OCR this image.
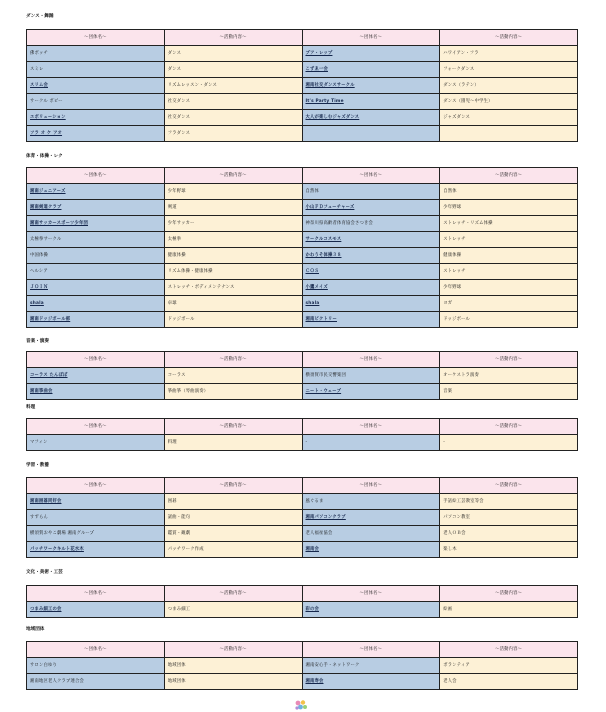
ダンス・舞踊
～団体名～	～活動内容～	～団体名～	～活動内容～
佛ボッチ	ダンス	ブア・レップ	ハワイアン・フラ
スミレ	ダンス	こずゑ一会	フォークダンス
スリム会	リズムレッスン・ダンス	湘南社交ダンスサークル	ダンス（ラテン）
サークル ポピー	社交ダンス	It's Party Time	ダンス（園児～中学生）
エボリューション	社交ダンス	大人が楽しむジャズダンス	ジャズダンス
フラ オ ケ アオ	フラダンス		
体育・体操・レク
～団体名～	～活動内容～	～団体名～	～活動内容～
湘南ジュニアーズ	少年野球	自然体	自然体
湘南剣道クラブ	剣道	小山ＦＤフューチャーズ	少年野球
湘南サッカースポーツ少年団	少年サッカー	神奈川県高齢者体育協会さつき会	ストレッチ・リズム体操
太極拳サークル	太極拳	サークルコスモス	ストレッチ
中国体操	健康体操	かわうそ体操３８	健康体操
ヘルシア	リズム体操・健康体操	ＣＯＳ	ストレッチ
ＪＯＩＮ	ストレッチ・ボディメンテナンス	小鷹メイズ	少年野球
shala	卓球	shala	ヨガ
湘南ドッジボール部	ドッジボール	湘南ビクトリー	ドッジボール
音楽・演奏
～団体名～	～活動内容～	～団体名～	～活動内容～
コーラス たんぽぽ	コーラス	横須賀市民交響楽団	オーケストラ演奏
湘南箏曲会	箏曲箏（琴曲演奏）	ニート・ウェーブ	音楽
料理
～団体名～	～活動内容～	～団体名～	～活動内容～
マフィン	料理	-	-
学習・教養
～団体名～	～活動内容～	～団体名～	～活動内容～
湘南囲碁同好会	囲碁	風ぐるま	手話絵工芸教室等会
すずらん	謡曲・能句	湘南パソコンクラブ	パソコン教室
横須賀おやこ劇場 湘南グループ	鑑賞・観劇	老人福祉協会	老人ＯＢ会
パッチワークキルト花水木	パッチワーク作成	湘南会	楽し木
文化・美術・工芸
～団体名～	～活動内容～	～団体名～	～活動内容～
つまみ細工の会	つまみ細工	彩の会	絵画
地域団体
～団体名～	～活動内容～	～団体名～	～活動内容～
サロン白ゆり	地域団体	湘南安心手・ネットワーク	ボランティア
湘南地区老人クラブ連合会	地域団体	湘南寿会	老人会
